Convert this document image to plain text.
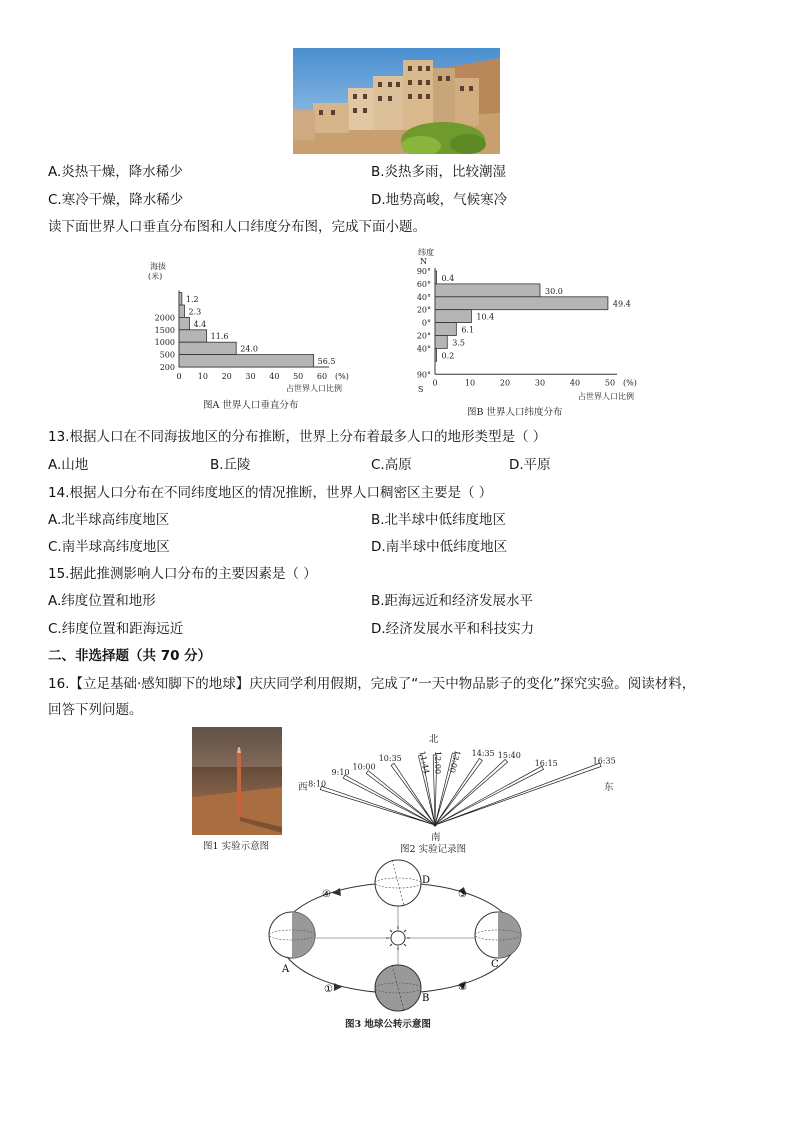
A.炎热干燥，降水稀少	B.炎热多雨，比较潮湿
C.寒冷干燥，降水稀少	D.地势高峻，气候寒冷
读下面世界人口垂直分布图和人口纬度分布图，完成下面小题。
海拔
(米)
1.2
2.3
2000
4.4
1500
11.6
1000
24.0
500
56.5
200
0 10 20 30 40 50 60 (%)
占世界人口比例
图A 世界人口垂直分布
纬度
N
0.4
30.0
49.4
10.4
6.1
3.5
0.2
90°
60°
40°
20°
0°
20°
40°
90°
0	10	20	30	40	50 (%)
S
占世界人口比例
图B 世界人口纬度分布
13.根据人口在不同海拔地区的分布推断，世界上分布着最多人口的地形类型是（ ）
A.山地	B.丘陵	C.高原	D.平原
14.根据人口分布在不同纬度地区的情况推断，世界人口稠密区主要是（ ）
A.北半球高纬度地区	B.北半球中低纬度地区
C.南半球高纬度地区	D.南半球中低纬度地区
15.据此推测影响人口分布的主要因素是（ ）
A.纬度位置和地形	B.距海远近和经济发展水平
C.纬度位置和距海远近	D.经济发展水平和科技实力
二、非选择题（共 70 分）
16.【立足基础·感知脚下的地球】庆庆同学利用假期，完成了“一天中物品影子的变化”探究实验。阅读材料，
回答下列问题。
图1 实验示意图
8:10
9:10
10:00
10:35 11:44 12:00 13:00 14:35 15:40
16:15	16:35
北
西	东
南
图2 实验记录图
A
B
C
D
①	②
③
④
图3 地球公转示意图
